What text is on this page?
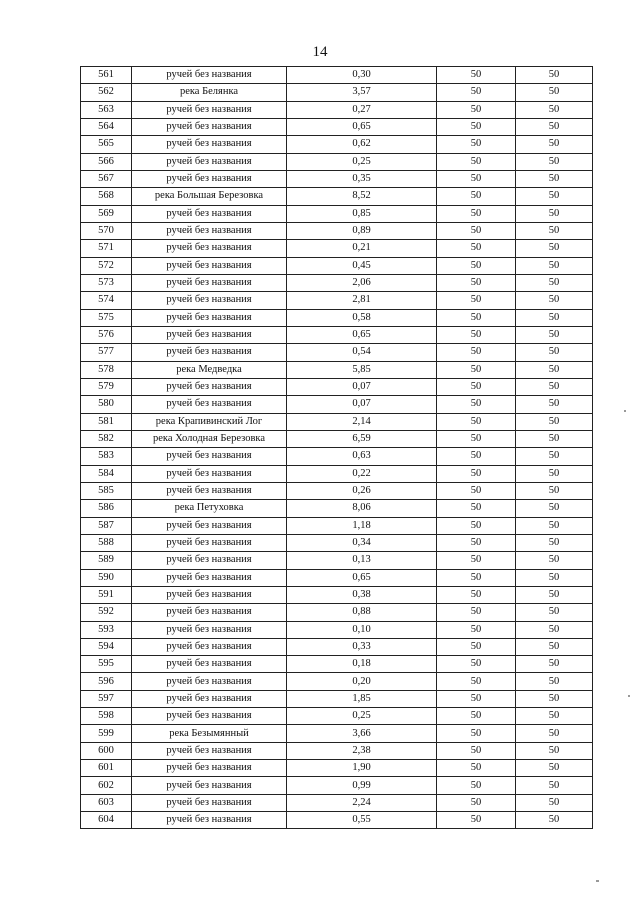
14
561	ручей без названия	0,30	50	50
562	река Белянка	3,57	50	50
563	ручей без названия	0,27	50	50
564	ручей без названия	0,65	50	50
565	ручей без названия	0,62	50	50
566	ручей без названия	0,25	50	50
567	ручей без названия	0,35	50	50
568	река Большая Березовка	8,52	50	50
569	ручей без названия	0,85	50	50
570	ручей без названия	0,89	50	50
571	ручей без названия	0,21	50	50
572	ручей без названия	0,45	50	50
573	ручей без названия	2,06	50	50
574	ручей без названия	2,81	50	50
575	ручей без названия	0,58	50	50
576	ручей без названия	0,65	50	50
577	ручей без названия	0,54	50	50
578	река Медведка	5,85	50	50
579	ручей без названия	0,07	50	50
580	ручей без названия	0,07	50	50
581	река Крапивинский Лог	2,14	50	50
582	река Холодная Березовка	6,59	50	50
583	ручей без названия	0,63	50	50
584	ручей без названия	0,22	50	50
585	ручей без названия	0,26	50	50
586	река Петуховка	8,06	50	50
587	ручей без названия	1,18	50	50
588	ручей без названия	0,34	50	50
589	ручей без названия	0,13	50	50
590	ручей без названия	0,65	50	50
591	ручей без названия	0,38	50	50
592	ручей без названия	0,88	50	50
593	ручей без названия	0,10	50	50
594	ручей без названия	0,33	50	50
595	ручей без названия	0,18	50	50
596	ручей без названия	0,20	50	50
597	ручей без названия	1,85	50	50
598	ручей без названия	0,25	50	50
599	река Безымянный	3,66	50	50
600	ручей без названия	2,38	50	50
601	ручей без названия	1,90	50	50
602	ручей без названия	0,99	50	50
603	ручей без названия	2,24	50	50
604	ручей без названия	0,55	50	50
